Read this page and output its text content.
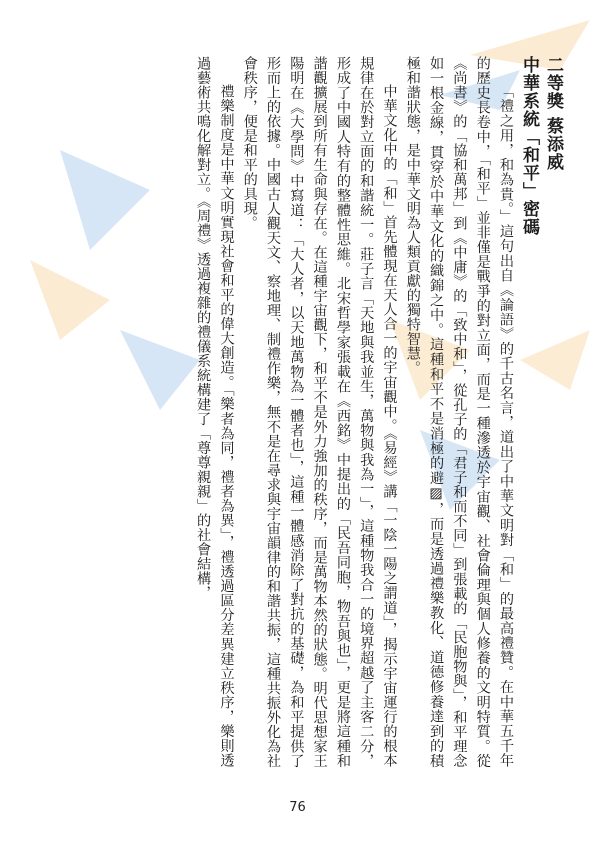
二等獎 蔡添威
中華系統「和平」密碼

「禮之用，和為貴。」這句出自《論語》的千古名言，道出了中華文明對「和」的最高禮贊。在中華五千年的歷史長卷中，「和平」並非僅是戰爭的對立面，而是一種滲透於宇宙觀、社會倫理與個人修養的文明特質。從《尚書》的「協和萬邦」到《中庸》的「致中和」，從孔子的「君子和而不同」到張載的「民胞物與」，和平理念如一根金線，貫穿於中華文化的織錦之中。這種和平不是消極的避▨，而是透過禮樂教化、道德修養達到的積極和諧狀態，是中華文明為人類貢獻的獨特智慧。

中華文化中的「和」首先體現在天人合一的宇宙觀中。《易經》講「一陰一陽之謂道」，揭示宇宙運行的根本規律在於對立面的和諧統一。莊子言「天地與我並生，萬物與我為一」，這種物我合一的境界超越了主客二分，形成了中國人特有的整體性思維。北宋哲學家張載在《西銘》中提出的「民吾同胞，物吾與也」，更是將這種和諧觀擴展到所有生命與存在。在這種宇宙觀下，和平不是外力強加的秩序，而是萬物本然的狀態。明代思想家王陽明在《大學問》中寫道：「大人者，以天地萬物為一體者也」，這種一體感消除了對抗的基礎，為和平提供了形而上的依據。中國古人觀天文、察地理、制禮作樂，無不是在尋求與宇宙韻律的和諧共振，這種共振外化為社會秩序，便是和平的具現。

禮樂制度是中華文明實現社會和平的偉大創造。「樂者為同，禮者為異」，禮透過區分差異建立秩序，樂則透過藝術共鳴化解對立。《周禮》透過複雜的禮儀系統構建了「尊尊親親」的社會結構，

76
